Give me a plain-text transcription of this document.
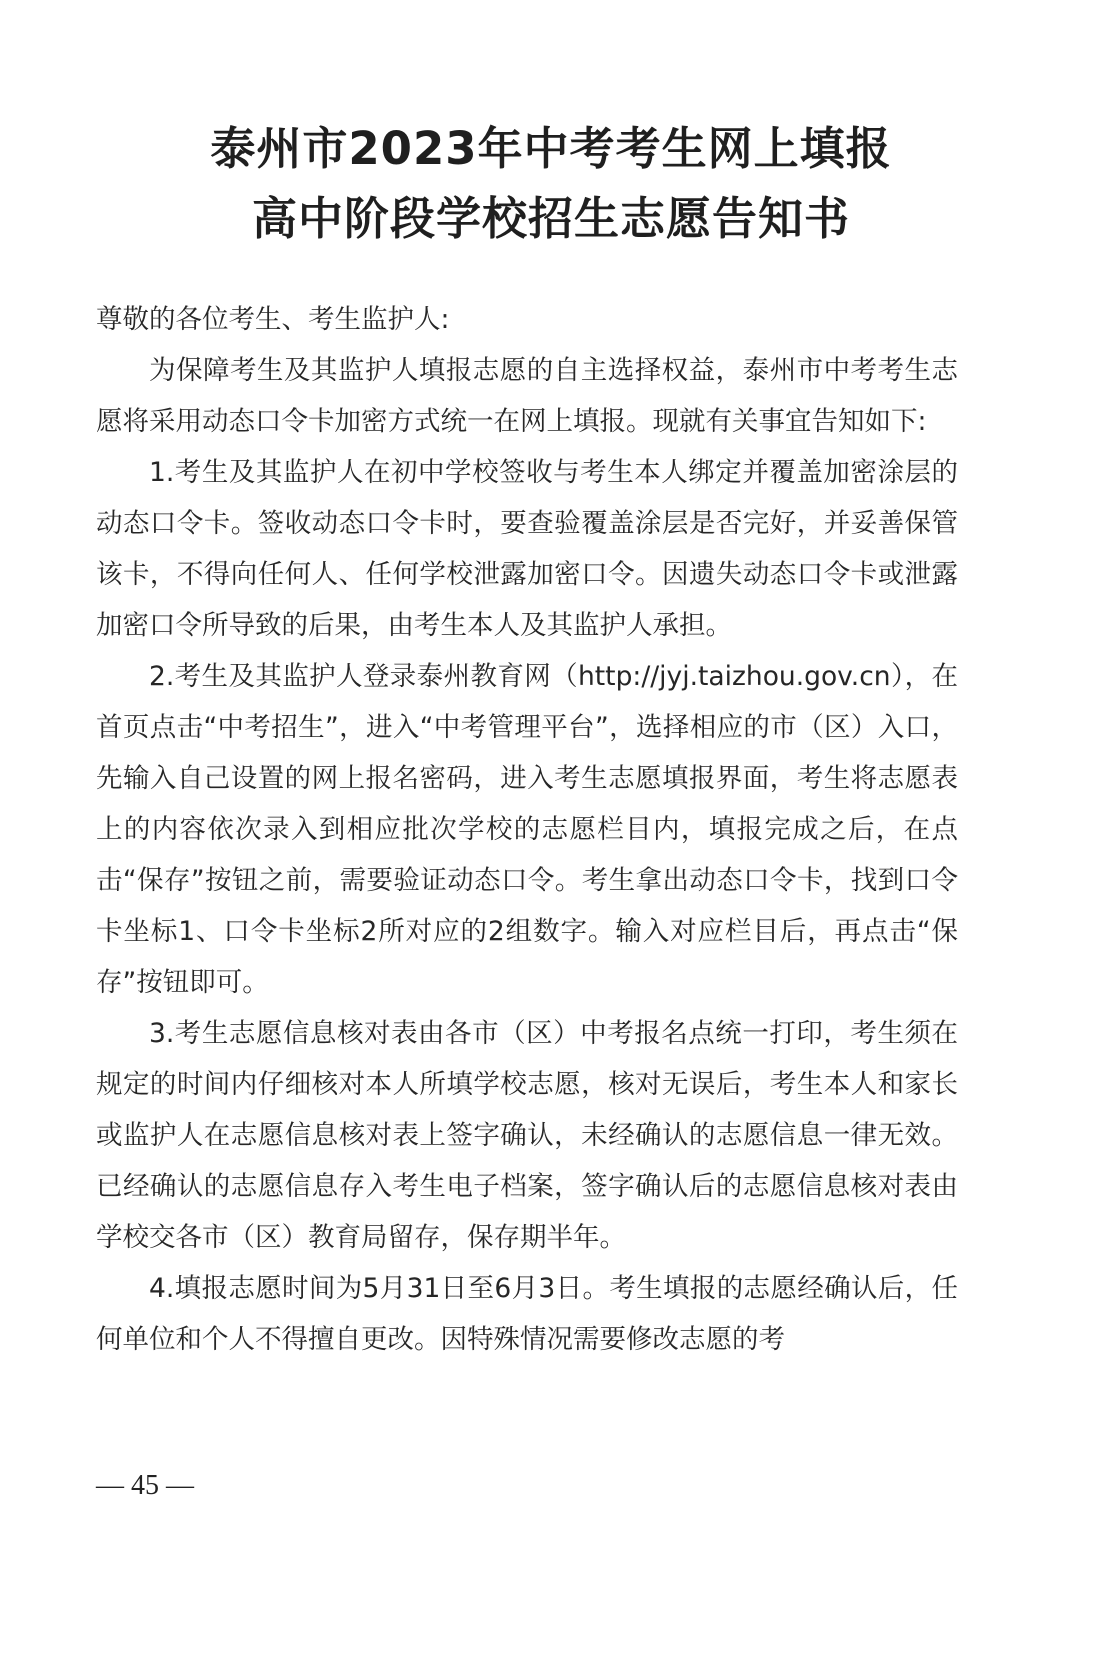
泰州市2023年中考考生网上填报
高中阶段学校招生志愿告知书

尊敬的各位考生、考生监护人:

为保障考生及其监护人填报志愿的自主选择权益，泰州市中考考生志愿将采用动态口令卡加密方式统一在网上填报。现就有关事宜告知如下:

1.考生及其监护人在初中学校签收与考生本人绑定并覆盖加密涂层的动态口令卡。签收动态口令卡时，要查验覆盖涂层是否完好，并妥善保管该卡，不得向任何人、任何学校泄露加密口令。因遗失动态口令卡或泄露加密口令所导致的后果，由考生本人及其监护人承担。

2.考生及其监护人登录泰州教育网（http://jyj.taizhou.gov.cn），在首页点击“中考招生”，进入“中考管理平台”，选择相应的市（区）入口，先输入自己设置的网上报名密码，进入考生志愿填报界面，考生将志愿表上的内容依次录入到相应批次学校的志愿栏目内，填报完成之后，在点击“保存”按钮之前，需要验证动态口令。考生拿出动态口令卡，找到口令卡坐标1、口令卡坐标2所对应的2组数字。输入对应栏目后，再点击“保存”按钮即可。

3.考生志愿信息核对表由各市（区）中考报名点统一打印，考生须在规定的时间内仔细核对本人所填学校志愿，核对无误后，考生本人和家长或监护人在志愿信息核对表上签字确认，未经确认的志愿信息一律无效。已经确认的志愿信息存入考生电子档案，签字确认后的志愿信息核对表由学校交各市（区）教育局留存，保存期半年。

4.填报志愿时间为5月31日至6月3日。考生填报的志愿经确认后，任何单位和个人不得擅自更改。因特殊情况需要修改志愿的考

— 45 —
